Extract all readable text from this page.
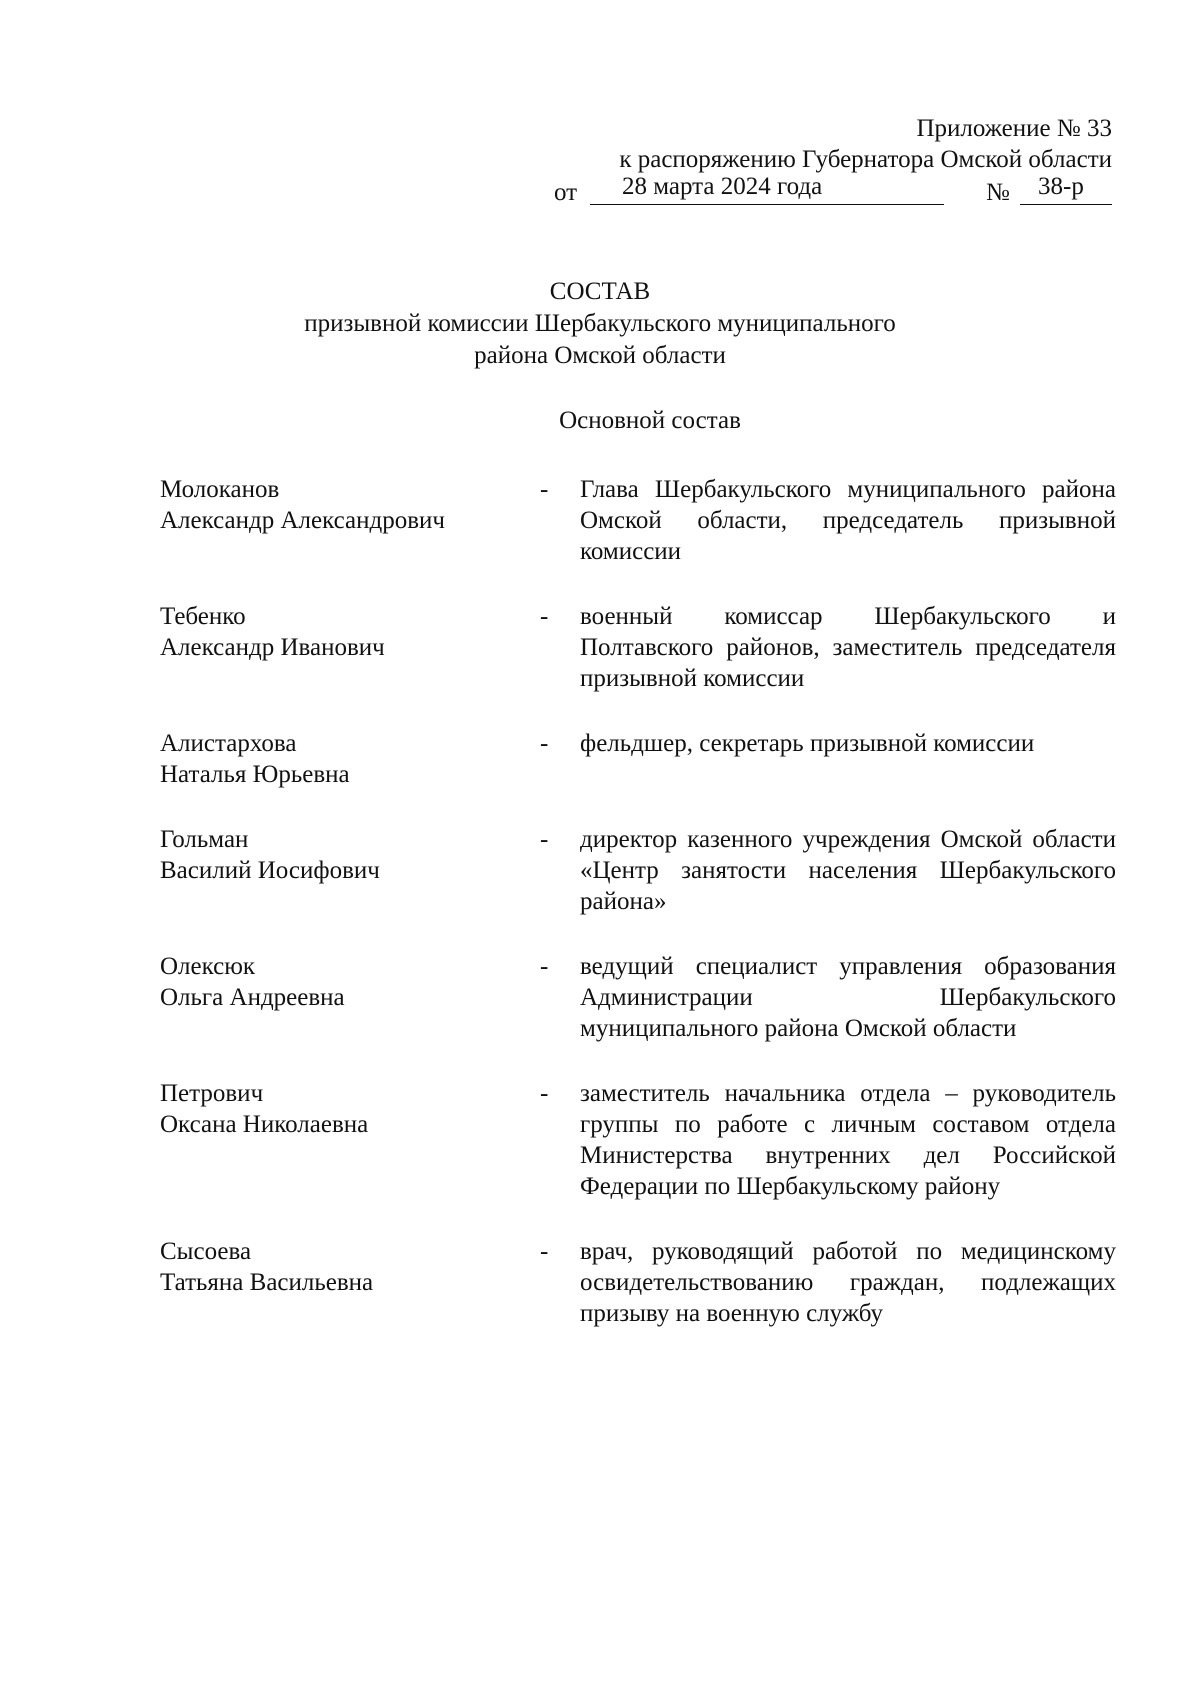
Приложение № 33
к распоряжению Губернатора Омской области
от 28 марта 2024 года	№ 38-р
СОСТАВ
призывной комиссии Шербакульского муниципального
района Омской области
Основной состав
Молоканов
Александр Александрович
- Глава Шербакульского муниципального района Омской области, председатель призывной комиссии
Тебенко
Александр Иванович
- военный комиссар Шербакульского и Полтавского районов, заместитель председателя призывной комиссии
Алистархова
Наталья Юрьевна
- фельдшер, секретарь призывной комиссии
Гольман
Василий Иосифович
- директор казенного учреждения Омской области «Центр занятости населения Шербакульского района»
Олексюк
Ольга Андреевна
- ведущий специалист управления образования Администрации Шербакульского муниципального района Омской области
Петрович
Оксана Николаевна
- заместитель начальника отдела – руководитель группы по работе с личным составом отдела Министерства внутренних дел Российской Федерации по Шербакульскому району
Сысоева
Татьяна Васильевна
- врач, руководящий работой по медицинскому освидетельствованию граждан, подлежащих призыву на военную службу
